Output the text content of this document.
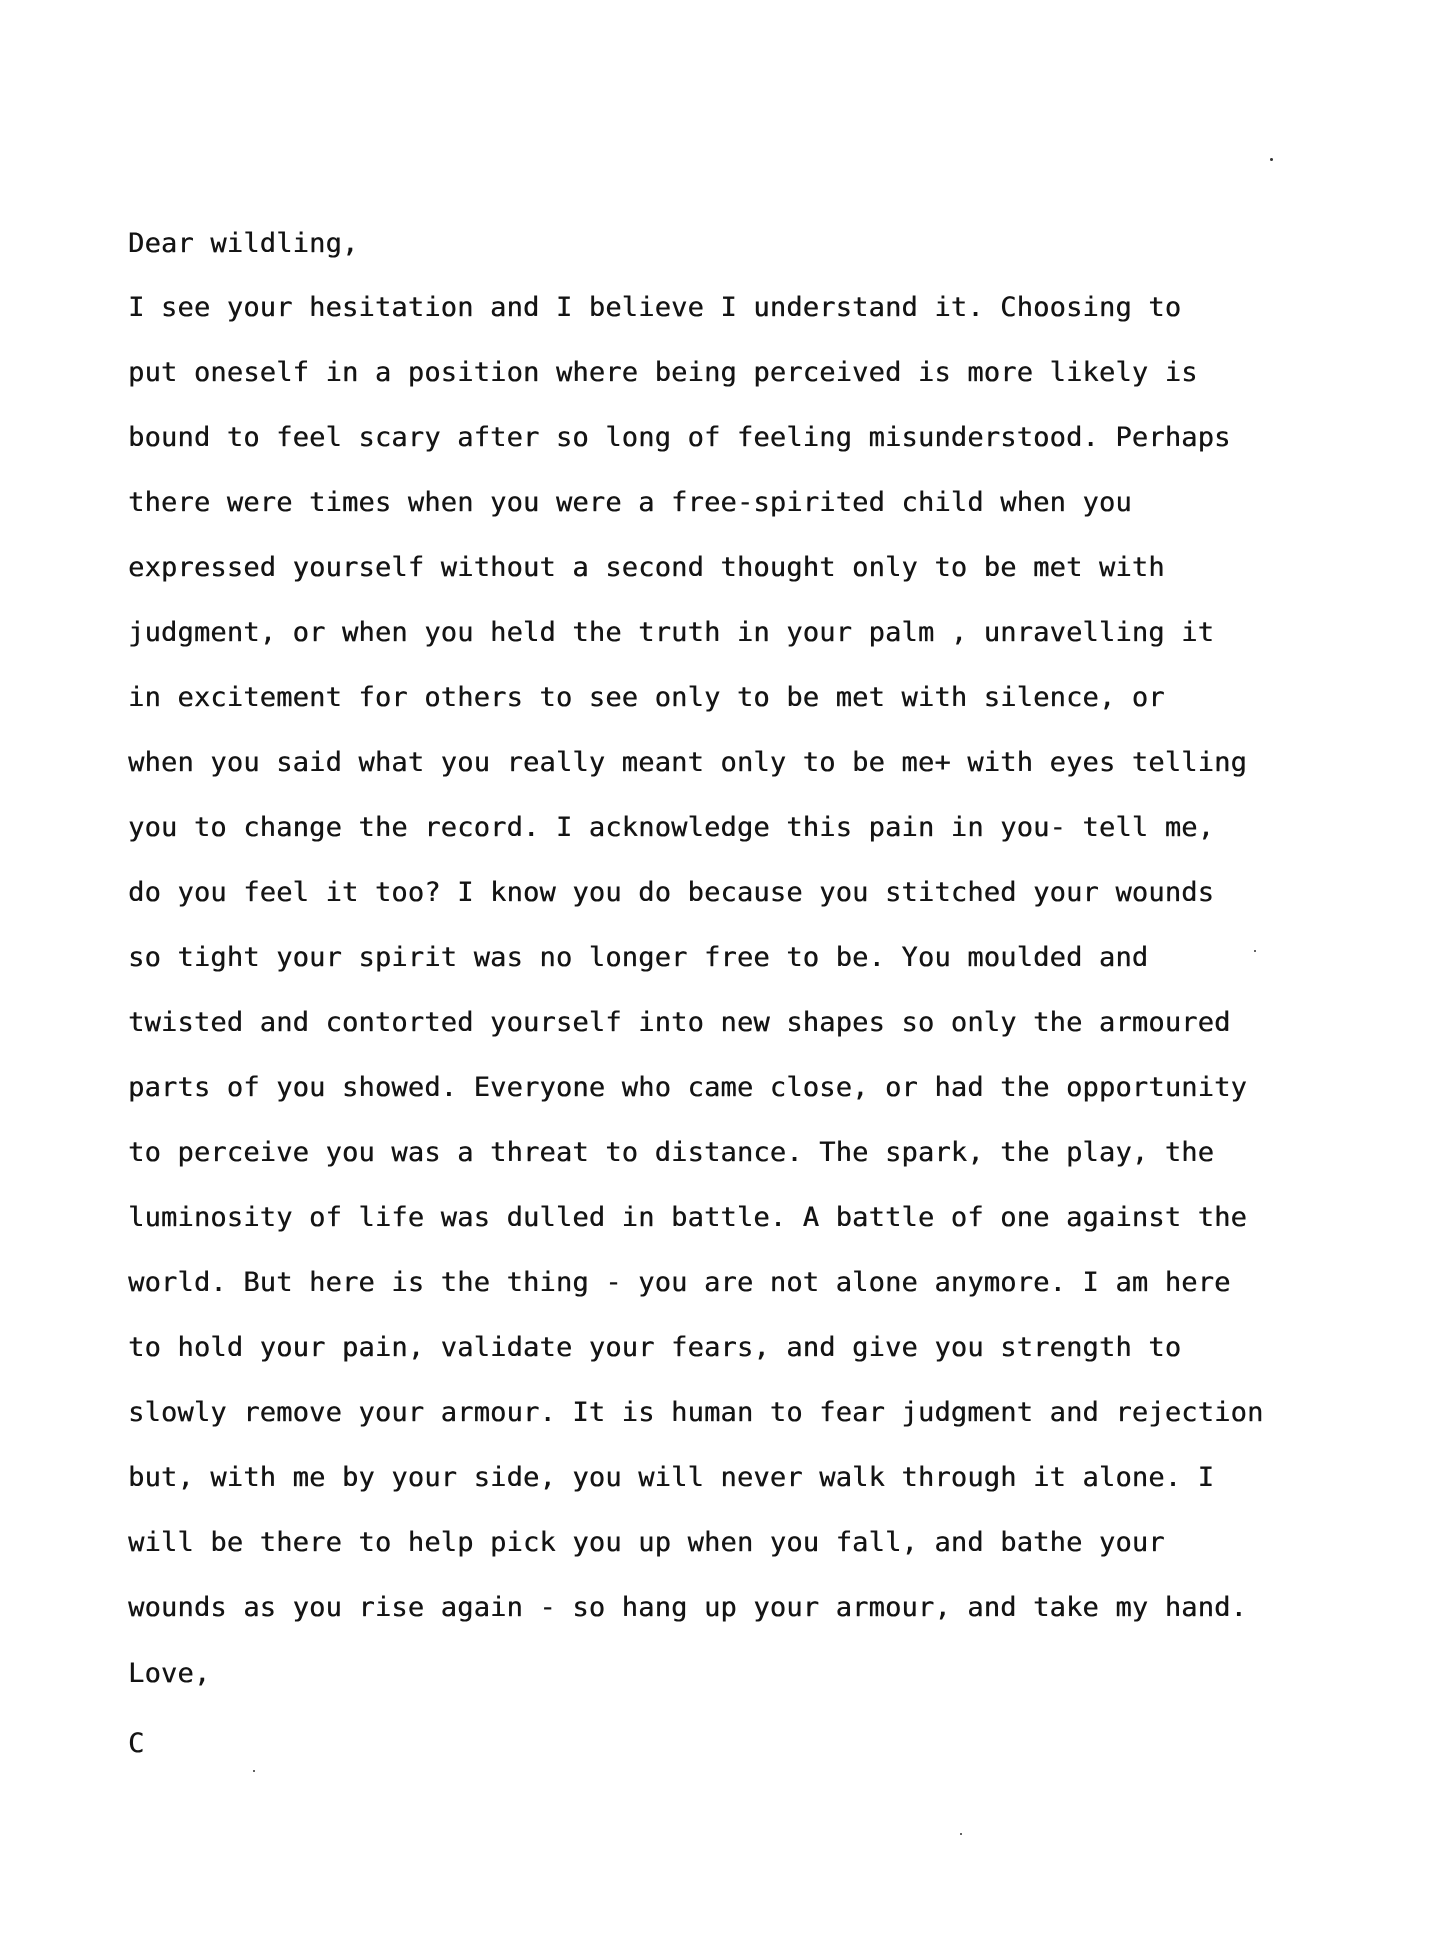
Dear wildling,
I see your hesitation and I believe I understand it. Choosing to
put oneself in a position where being perceived is more likely is
bound to feel scary after so long of feeling misunderstood. Perhaps
there were times when you were a free-spirited child when you
expressed yourself without a second thought only to be met with
judgment, or when you held the truth in your palm , unravelling it
in excitement for others to see only to be met with silence, or
when you said what you really meant only to be me+ with eyes telling
you to change the record. I acknowledge this pain in you- tell me,
do you feel it too? I know you do because you stitched your wounds
so tight your spirit was no longer free to be. You moulded and
twisted and contorted yourself into new shapes so only the armoured
parts of you showed. Everyone who came close, or had the opportunity
to perceive you was a threat to distance. The spark, the play, the
luminosity of life was dulled in battle. A battle of one against the
world. But here is the thing - you are not alone anymore. I am here
to hold your pain, validate your fears, and give you strength to
slowly remove your armour. It is human to fear judgment and rejection
but, with me by your side, you will never walk through it alone. I
will be there to help pick you up when you fall, and bathe your
wounds as you rise again - so hang up your armour, and take my hand.
Love,
C
